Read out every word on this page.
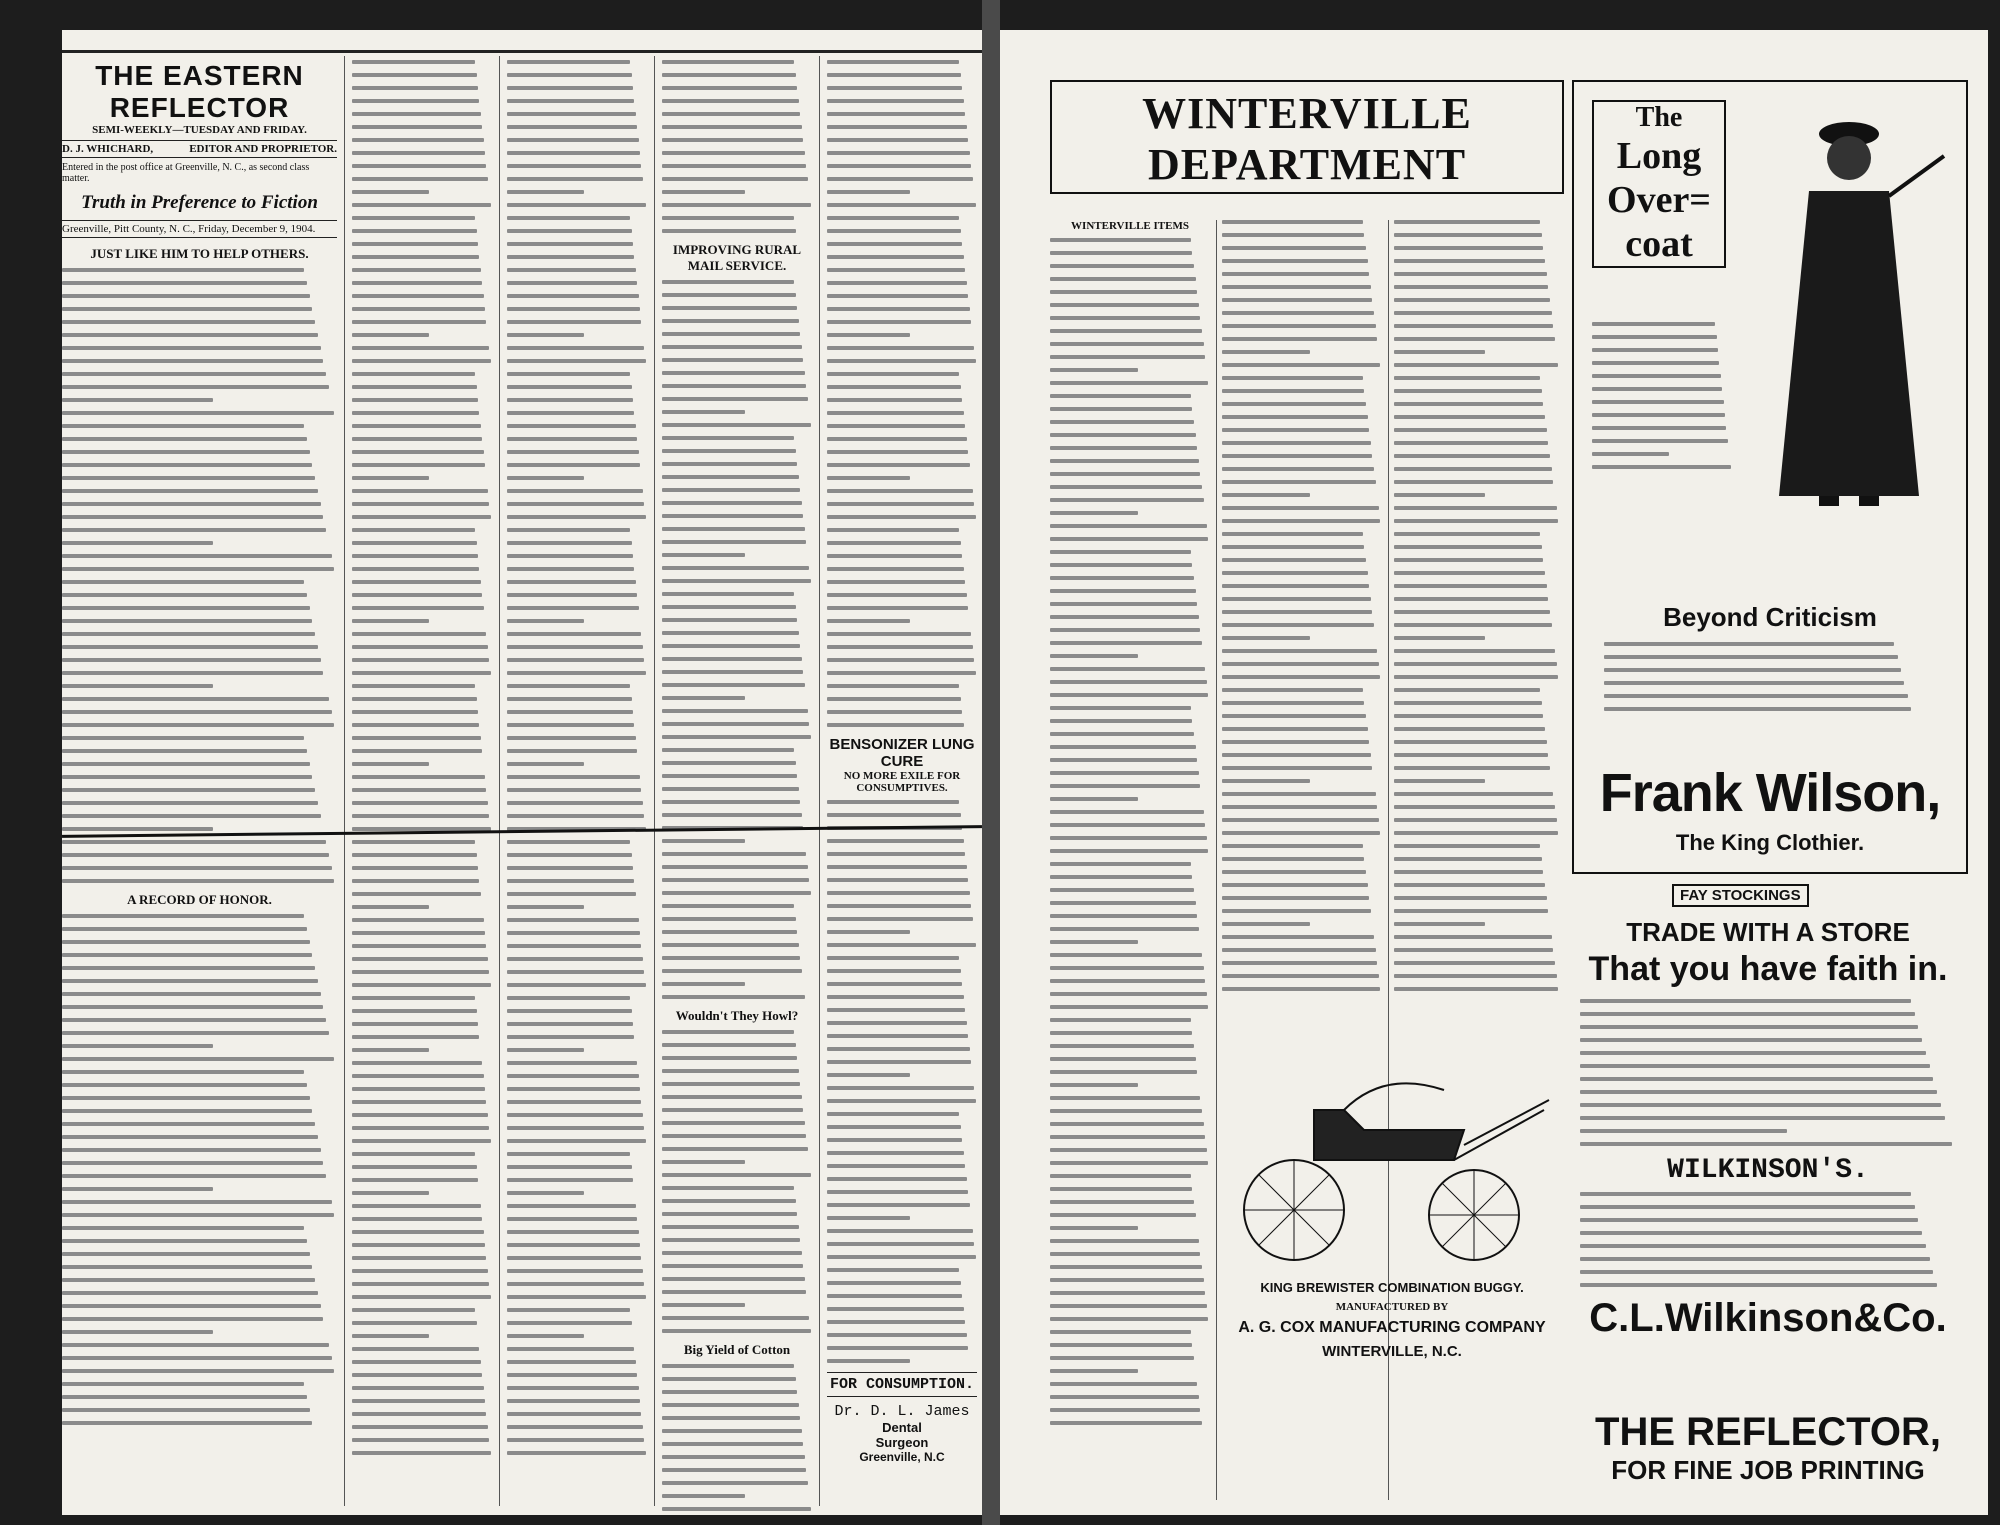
THE EASTERN REFLECTOR
SEMI-WEEKLY—TUESDAY AND FRIDAY.
D. J. WHICHARD,	EDITOR AND PROPRIETOR.
Entered in the post office at Greenville, N. C., as second class matter.
Truth in Preference to Fiction
Greenville, Pitt County, N. C., Friday, December 9, 1904.
JUST LIKE HIM TO HELP OTHERS.
A RECORD OF HONOR.
IMPROVING RURAL MAIL SERVICE.
Wouldn't They Howl?
Big Yield of Cotton
BENSONIZER LUNG CURE
NO MORE EXILE FOR CONSUMPTIVES.
FOR CONSUMPTION.
Dr. D. L. James
Dental
Surgeon
Greenville, N.C
WINTERVILLE DEPARTMENT
WINTERVILLE ITEMS
KING BREWISTER COMBINATION BUGGY.
MANUFACTURED BY
A. G. COX MANUFACTURING COMPANY
WINTERVILLE, N.C.
The
Long
Over=
coat
Beyond Criticism
Frank Wilson,
The King Clothier.
FAY STOCKINGS
TRADE WITH A STORE
That you have faith in.
WILKINSON'S.
C.L.Wilkinson&Co.
THE REFLECTOR,
FOR FINE JOB PRINTING
